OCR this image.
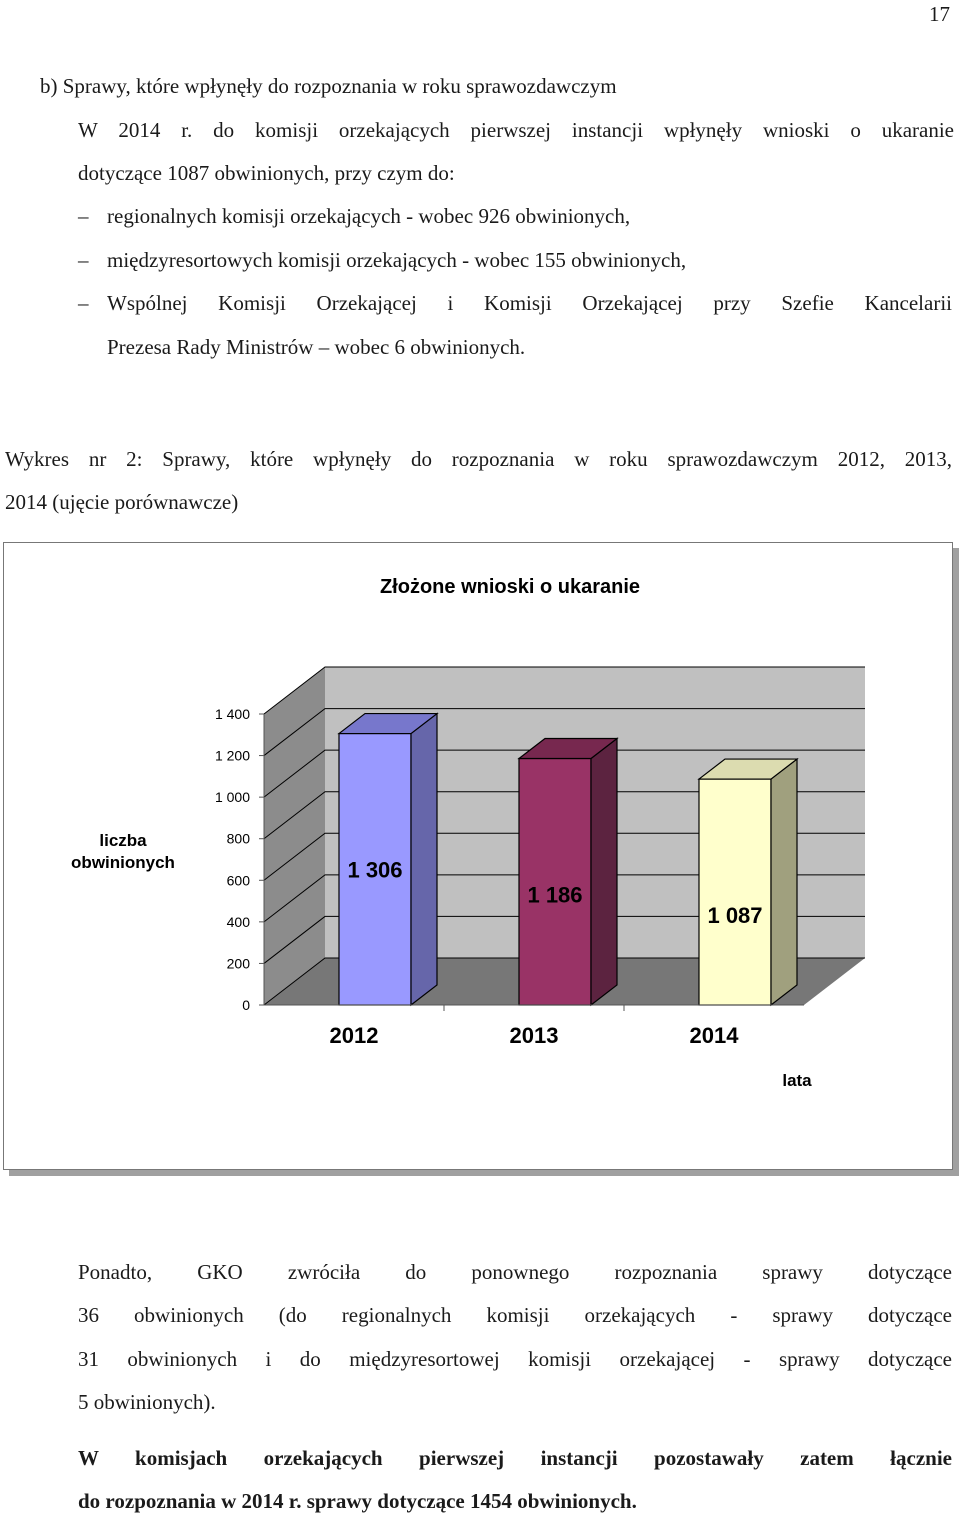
17
b) Sprawy, które wpłynęły do rozpoznania w roku sprawozdawczym
W 2014 r. do komisji orzekających pierwszej instancji wpłynęły wnioski o ukaranie
dotyczące 1087 obwinionych, przy czym do:
– regionalnych komisji orzekających - wobec 926 obwinionych,
– międzyresortowych komisji orzekających - wobec 155 obwinionych,
– Wspólnej Komisji Orzekającej i Komisji Orzekającej przy Szefie Kancelarii
Prezesa Rady Ministrów – wobec 6 obwinionych.
Wykres nr 2: Sprawy, które wpłynęły do rozpoznania w roku sprawozdawczym 2012, 2013,
2014 (ujęcie porównawcze)
Złożone wnioski o ukaranie
0
200
400
600
800
1 000
1 200
1 400
1 306
1 186
1 087
2012	2013	2014
liczba
obwinionych
lata
Ponadto, GKO zwróciła do ponownego rozpoznania sprawy dotyczące
36 obwinionych (do regionalnych komisji orzekających - sprawy dotyczące
31 obwinionych i do międzyresortowej komisji orzekającej - sprawy dotyczące
5 obwinionych).
W komisjach orzekających pierwszej instancji pozostawały zatem łącznie
do rozpoznania w 2014 r. sprawy dotyczące 1454 obwinionych.
